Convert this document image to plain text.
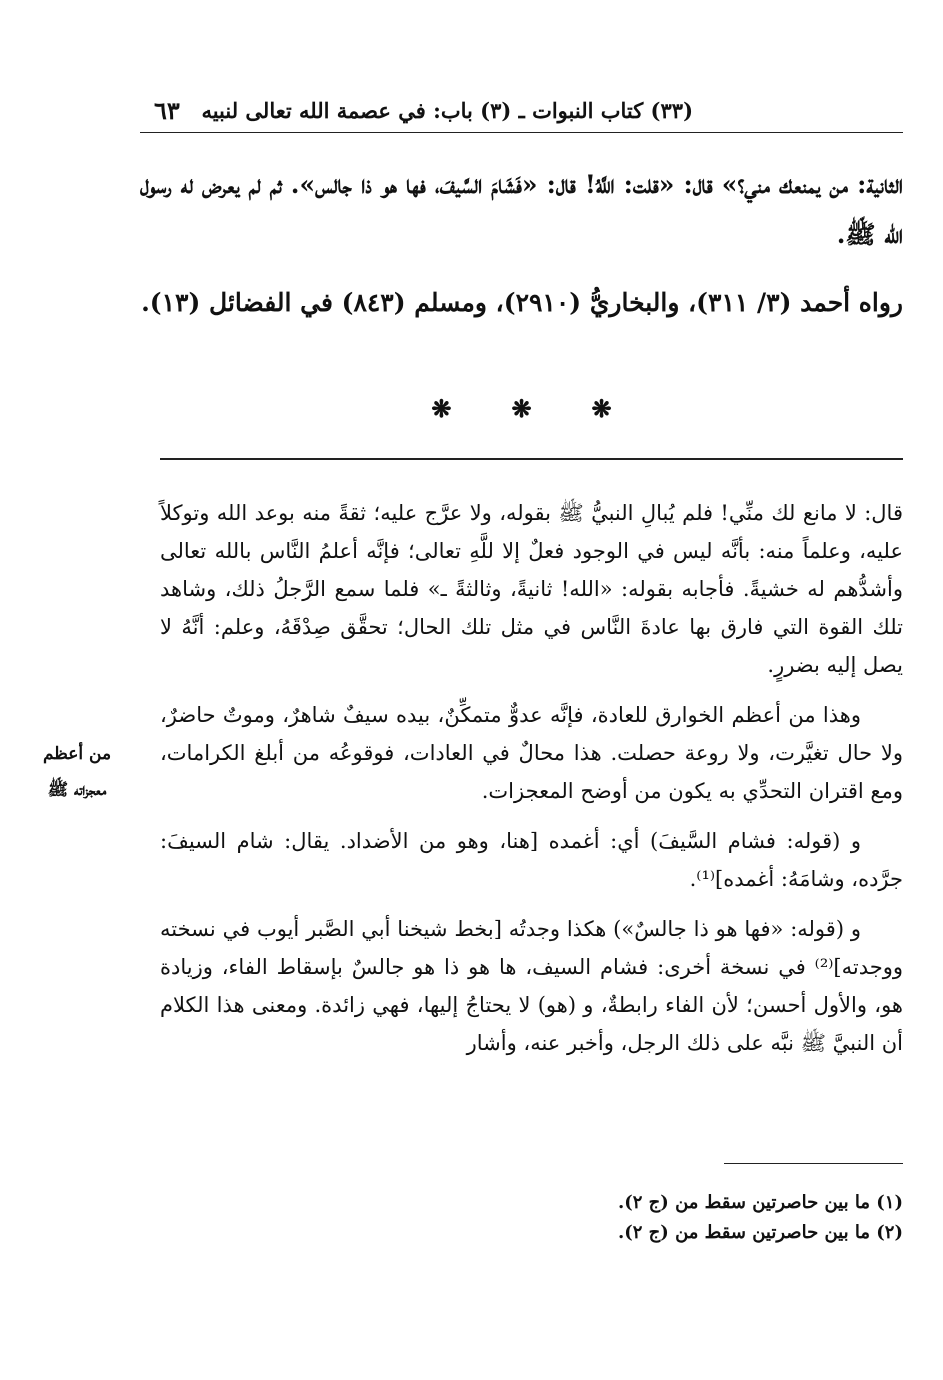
(٣٣) كتاب النبوات ـ (٣) باب: في عصمة الله تعالى لنبيه
٦٣

الثانية: من يمنعك مني؟» قال: «قلت: اللَّهُ! قال: «فَشَامَ السَّيفَ، فها هو ذا جالس». ثم لم يعرض له رسول الله ﷺ.

رواه أحمد (٣/ ٣١١)، والبخاريُّ (٢٩١٠)، ومسلم (٨٤٣) في الفضائل (١٣).

❋	❋	❋

قال: لا مانع لك منِّي! فلم يُبالِ النبيُّ ﷺ بقوله، ولا عرَّج عليه؛ ثقةً منه بوعد الله وتوكلاً عليه، وعلماً منه: بأنَّه ليس في الوجود فعلٌ إلا للَّهِ تعالى؛ فإنَّه أعلمُ النَّاس بالله تعالى وأشدُّهم له خشيةً. فأجابه بقوله: «الله! ثانيةً، وثالثةً ـ» فلما سمع الرَّجلُ ذلك، وشاهد تلك القوة التي فارق بها عادةَ النَّاس في مثل تلك الحال؛ تحقَّق صِدْقَهُ، وعلم: أنَّهُ لا يصل إليه بضررٍ.

وهذا من أعظم الخوارق للعادة، فإنَّه عدوٌّ متمكِّنٌ، بيده سيفٌ شاهرٌ، وموتٌ حاضرٌ، ولا حال تغيَّرت، ولا روعة حصلت. هذا محالٌ في العادات، فوقوعُه من أبلغ الكرامات، ومع اقتران التحدِّي به يكون من أوضح المعجزات.

و (قوله: فشام السَّيفَ) أي: أغمده [هنا، وهو من الأضداد. يقال: شام السيفَ: جرَّده، وشامَهُ: أغمده]⁽¹⁾.

و (قوله: «فها هو ذا جالسٌ») هكذا وجدتُه [بخط شيخنا أبي الصَّبر أيوب في نسخته ووجدته]⁽²⁾ في نسخة أخرى: فشام السيف، ها هو ذا هو جالسٌ بإسقاط الفاء، وزيادة هو، والأول أحسن؛ لأن الفاء رابطةٌ، و (هو) لا يحتاجُ إليها، فهي زائدة. ومعنى هذا الكلام أن النبيَّ ﷺ نبَّه على ذلك الرجل، وأخبر عنه، وأشار

من أعظم
معجزاته ﷺ
(١) ما بين حاصرتين سقط من (ج ٢).
(٢) ما بين حاصرتين سقط من (ج ٢).
